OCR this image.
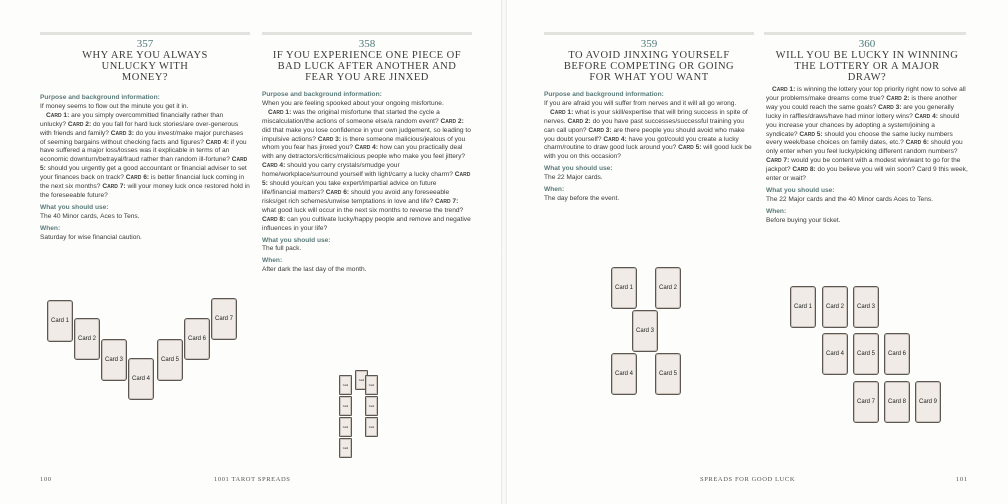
357
WHY ARE YOU ALWAYS UNLUCKY WITH MONEY?
Purpose and background information:

If money seems to flow out the minute you get it in.

Card 1: are you simply overcommitted financially rather than unlucky? Card 2: do you fall for hard luck stories/are over-generous with friends and family? Card 3: do you invest/make major purchases of seeming bargains without checking facts and figures? Card 4: if you have suffered a major loss/losses was it explicable in terms of an economic downturn/betrayal/fraud rather than random ill-fortune? Card 5: should you urgently get a good accountant or financial adviser to set your finances back on track? Card 6: is better financial luck coming in the next six months? Card 7: will your money luck once restored hold in the foreseeable future?

What you should use:

The 40 Minor cards, Aces to Tens.

When:

Saturday for wise financial caution.

Card 1
Card 2
Card 3
Card 4
Card 5
Card 6
Card 7
358
IF YOU EXPERIENCE ONE PIECE OF BAD LUCK AFTER ANOTHER AND FEAR YOU ARE JINXED
Purpose and background information:

When you are feeling spooked about your ongoing misfortune.

Card 1: was the original misfortune that started the cycle a miscalculation/the actions of someone else/a random event? Card 2: did that make you lose confidence in your own judgement, so leading to impulsive actions? Card 3: is there someone malicious/jealous of you whom you fear has jinxed you? Card 4: how can you practically deal with any detractors/critics/malicious people who make you feel jittery? Card 4: should you carry crystals/smudge your home/workplace/surround yourself with light/carry a lucky charm? Card 5: should you/can you take expert/impartial advice on future life/financial matters? Card 6: should you avoid any foreseeable risks/get rich schemes/unwise temptations in love and life? Card 7: what good luck will occur in the next six months to reverse the trend? Card 8: can you cultivate lucky/happy people and remove and negative influences in your life?

What you should use:

The full pack.

When:

After dark the last day of the month.

Card
Card
Card
Card
Card
Card
Card
Card
359
TO AVOID JINXING YOURSELF BEFORE COMPETING OR GOING FOR WHAT YOU WANT
Purpose and background information:

If you are afraid you will suffer from nerves and it will all go wrong.

Card 1: what is your skill/expertise that will bring success in spite of nerves. Card 2: do you have past successes/successful training you can call upon? Card 3: are there people you should avoid who make you doubt yourself? Card 4: have you got/could you create a lucky charm/routine to draw good luck around you? Card 5: will good luck be with you on this occasion?

What you should use:

The 22 Major cards.

When:

The day before the event.

Card 1	Card 2
Card 3
Card 4	Card 5
360
WILL YOU BE LUCKY IN WINNING THE LOTTERY OR A MAJOR DRAW?

Card 1: is winning the lottery your top priority right now to solve all your problems/make dreams come true? Card 2: is there another way you could reach the same goals? Card 3: are you generally lucky in raffles/draws/have had minor lottery wins? Card 4: should you increase your chances by adopting a system/joining a syndicate? Card 5: should you choose the same lucky numbers every week/base choices on family dates, etc.? Card 6: should you only enter when you feel lucky/picking different random numbers? Card 7: would you be content with a modest win/want to go for the jackpot? Card 8: do you believe you will win soon? Card 9 this week, enter or wait?

What you should use:

The 22 Major cards and the 40 Minor cards Aces to Tens.

When:

Before buying your ticket.

Card 1	Card 2	Card 3
Card 4	Card 5	Card 6
Card 7	Card 8	Card 9
100	1001 TAROT SPREADS	SPREADS FOR GOOD LUCK	101
